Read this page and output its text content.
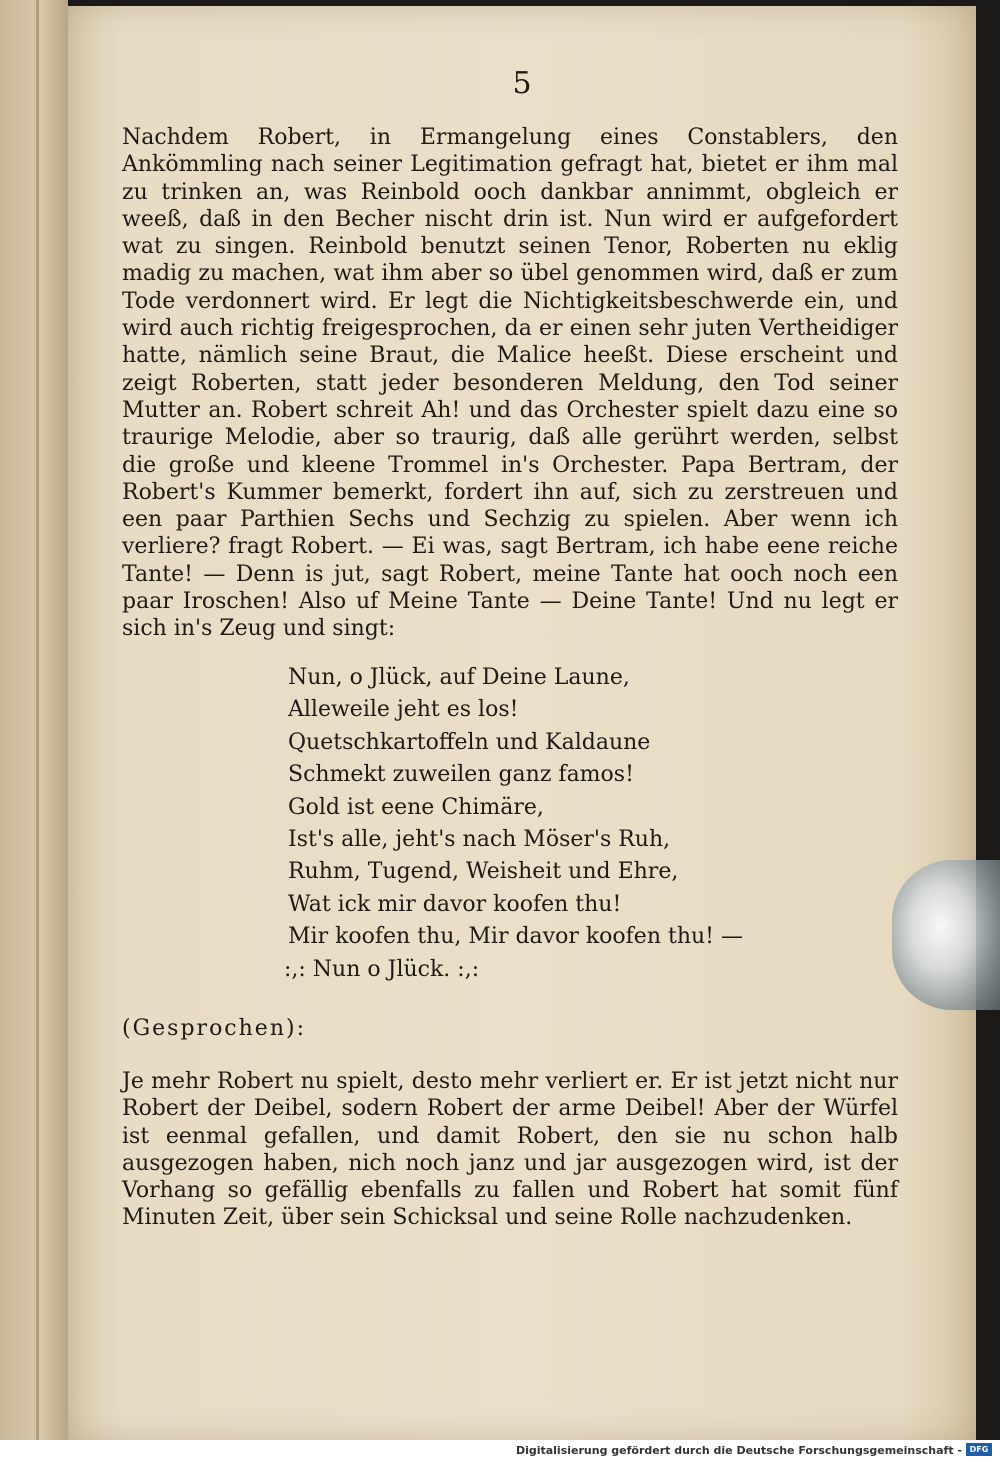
5
Nachdem Robert, in Ermangelung eines Constablers, den Ankömmling nach seiner Legitimation gefragt hat, bietet er ihm mal zu trinken an, was Reinbold ooch dankbar annimmt, obgleich er weeß, daß in den Becher nischt drin ist. Nun wird er aufgefordert wat zu singen. Reinbold benutzt seinen Tenor, Roberten nu eklig madig zu machen, wat ihm aber so übel genommen wird, daß er zum Tode verdonnert wird. Er legt die Nichtigkeitsbeschwerde ein, und wird auch richtig freigesprochen, da er einen sehr juten Vertheidiger hatte, nämlich seine Braut, die Malice heeßt. Diese erscheint und zeigt Roberten, statt jeder besonderen Meldung, den Tod seiner Mutter an. Robert schreit Ah! und das Orchester spielt dazu eine so traurige Melodie, aber so traurig, daß alle gerührt werden, selbst die große und kleene Trommel in's Orchester. Papa Bertram, der Robert's Kummer bemerkt, fordert ihn auf, sich zu zerstreuen und een paar Parthien Sechs und Sechzig zu spielen. Aber wenn ich verliere? fragt Robert. — Ei was, sagt Bertram, ich habe eene reiche Tante! — Denn is jut, sagt Robert, meine Tante hat ooch noch een paar Iroschen! Also uf Meine Tante — Deine Tante! Und nu legt er sich in's Zeug und singt:
Nun, o Jlück, auf Deine Laune,
Alleweile jeht es los!
Quetschkartoffeln und Kaldaune
Schmekt zuweilen ganz famos!
Gold ist eene Chimäre,
Ist's alle, jeht's nach Möser's Ruh,
Ruhm, Tugend, Weisheit und Ehre,
Wat ick mir davor koofen thu!
Mir koofen thu, Mir davor koofen thu! —
:,: Nun o Jlück. :,:
(Gesprochen):
Je mehr Robert nu spielt, desto mehr verliert er. Er ist jetzt nicht nur Robert der Deibel, sodern Robert der arme Deibel! Aber der Würfel ist eenmal gefallen, und damit Robert, den sie nu schon halb ausgezogen haben, nich noch janz und jar ausgezogen wird, ist der Vorhang so gefällig ebenfalls zu fallen und Robert hat somit fünf Minuten Zeit, über sein Schicksal und seine Rolle nachzudenken.
Digitalisierung gefördert durch die Deutsche Forschungsgemeinschaft - DFG
